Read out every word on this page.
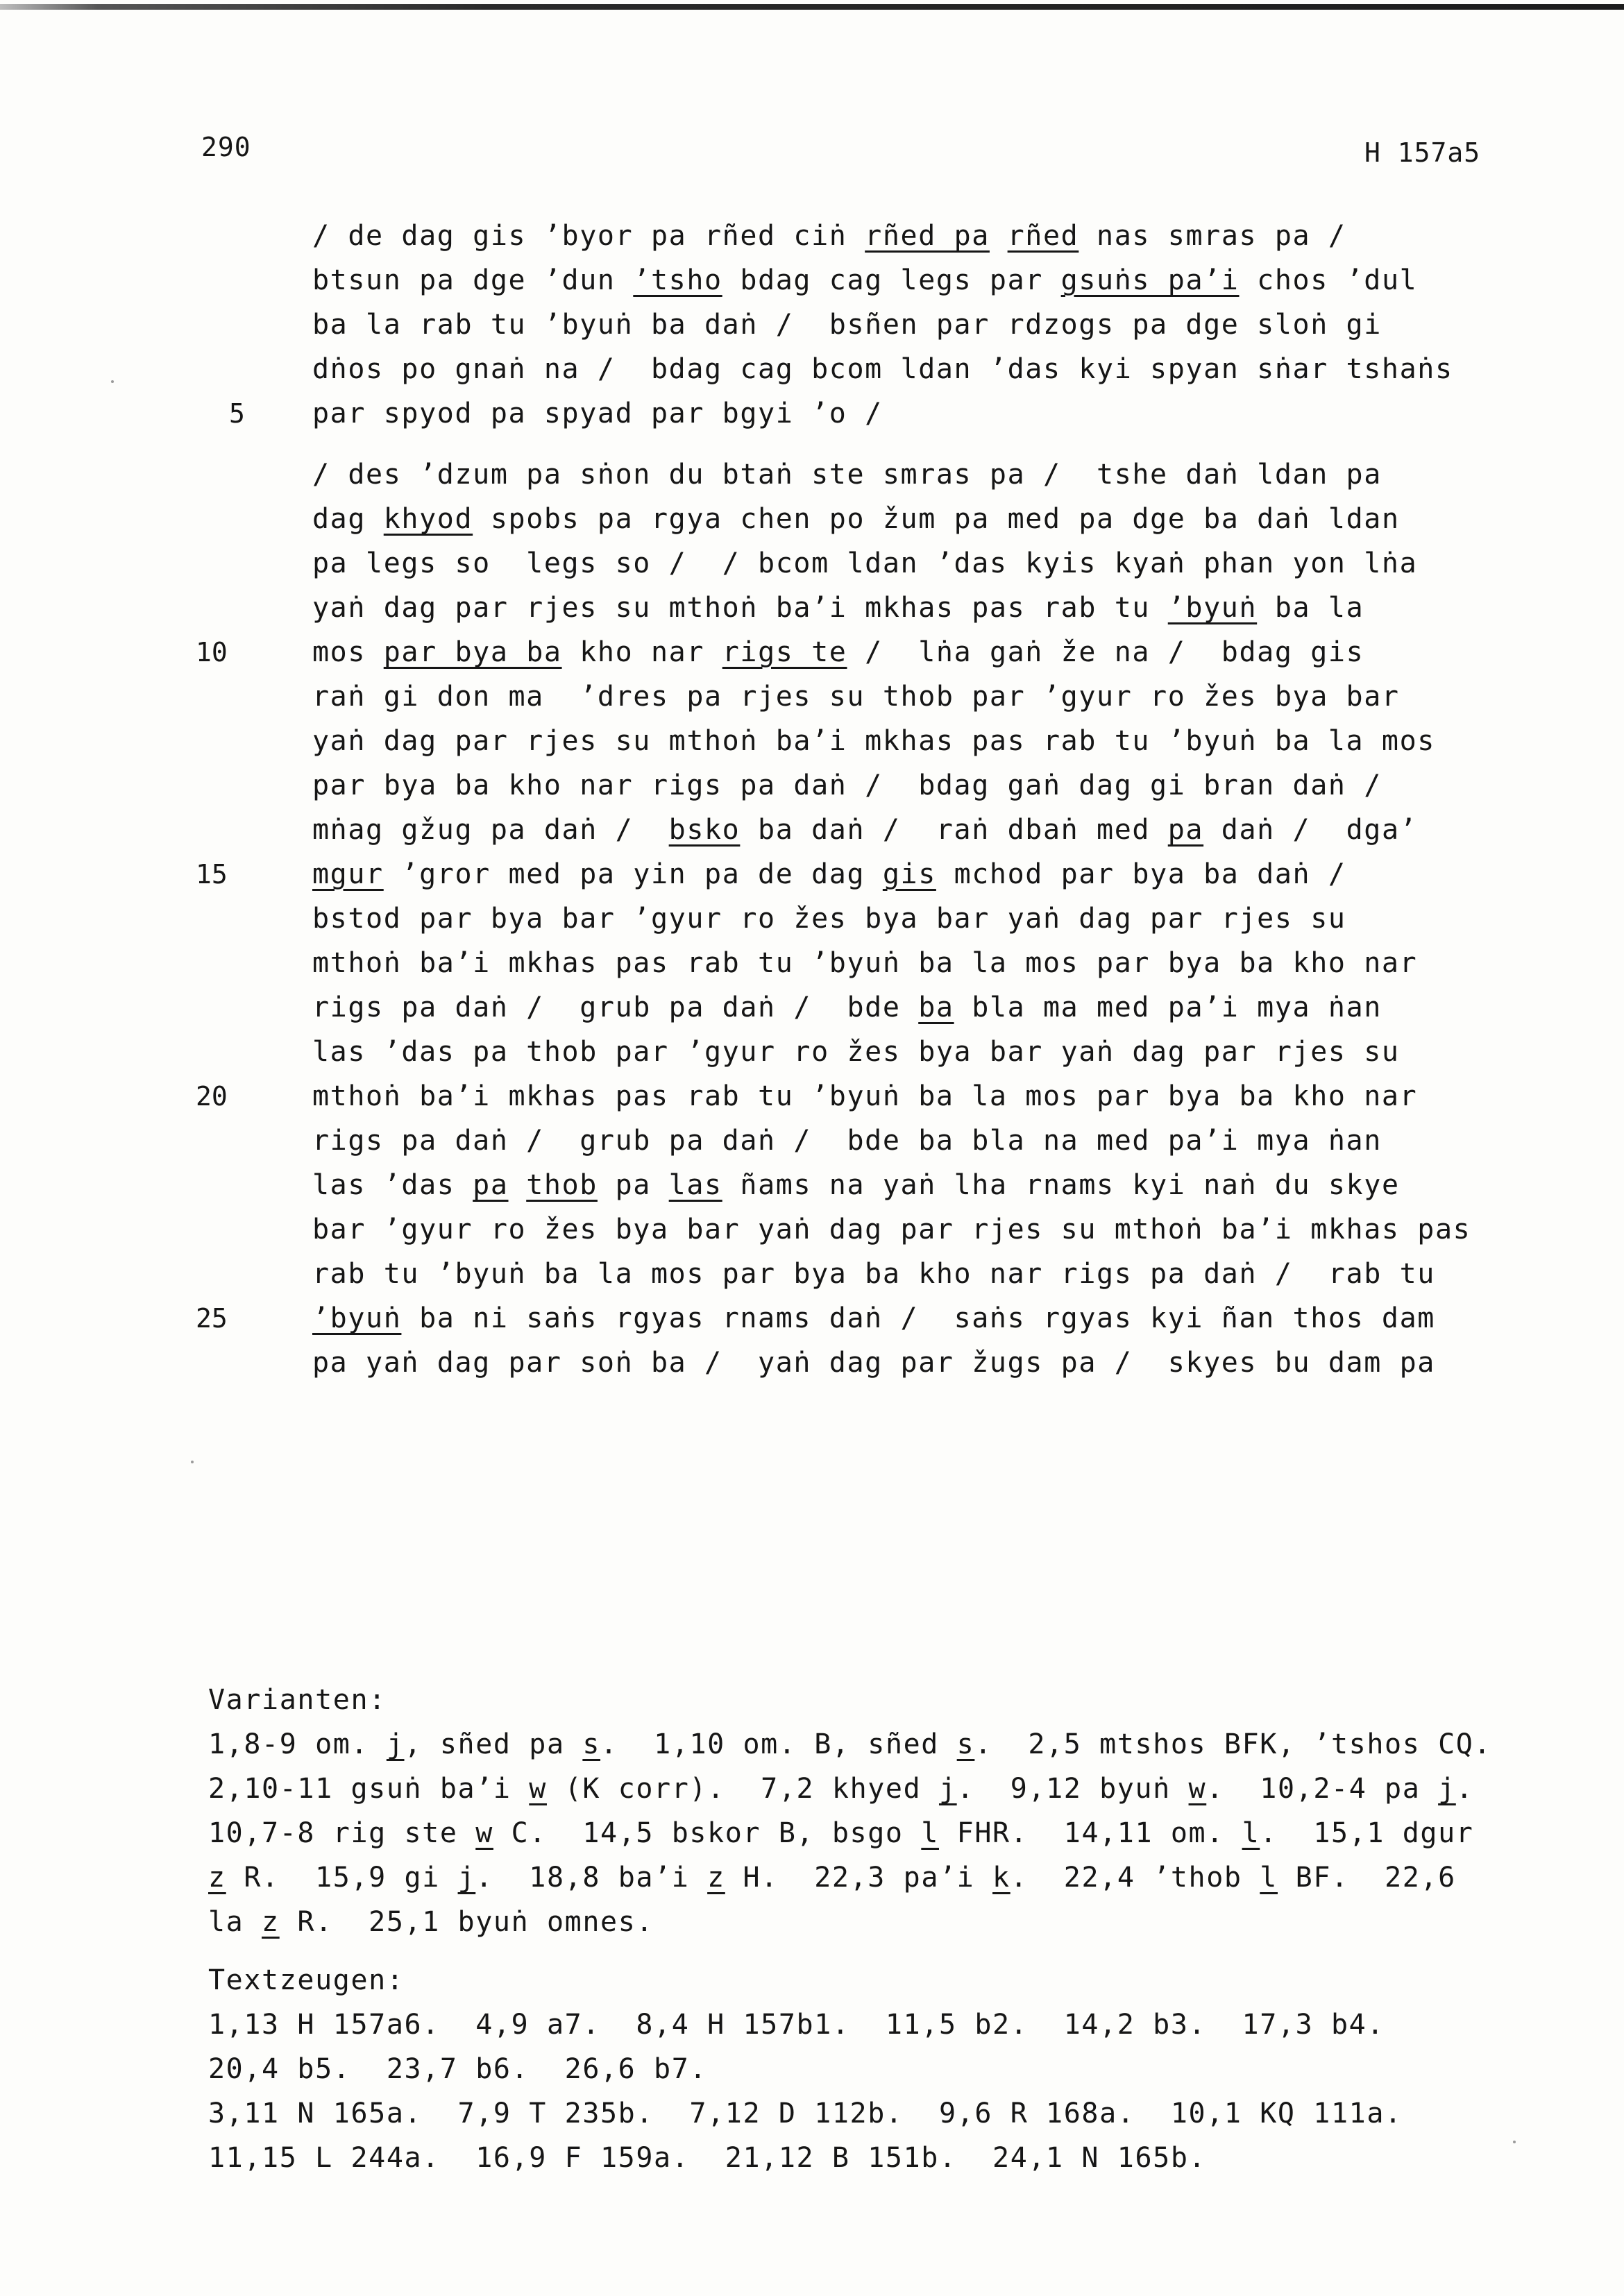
290	H 157a5
/ de dag gis ’byor pa rñed ciṅ rñed pa rñed nas smras pa /
btsun pa dge ’dun ’tsho bdag cag legs par gsuṅs pa’i chos ’dul
ba la rab tu ’byuṅ ba daṅ /  bsñen par rdzogs pa dge sloṅ gi
dṅos po gnaṅ na /  bdag cag bcom ldan ’das kyi spyan sṅar tshaṅs
par spyod pa spyad par bgyi ’o /
/ des ’dzum pa sṅon du btaṅ ste smras pa /  tshe daṅ ldan pa
dag khyod spobs pa rgya chen po žum pa med pa dge ba daṅ ldan
pa legs so  legs so /  / bcom ldan ’das kyis kyaṅ phan yon lṅa
yaṅ dag par rjes su mthoṅ ba’i mkhas pas rab tu ’byuṅ ba la
mos par bya ba kho nar rigs te /  lṅa gaṅ že na /  bdag gis
raṅ gi don ma  ’dres pa rjes su thob par ’gyur ro žes bya bar
yaṅ dag par rjes su mthoṅ ba’i mkhas pas rab tu ’byuṅ ba la mos
par bya ba kho nar rigs pa daṅ /  bdag gaṅ dag gi bran daṅ /
mṅag gžug pa daṅ /  bsko ba daṅ /  raṅ dbaṅ med pa daṅ /  dga’
mgur ’gror med pa yin pa de dag gis mchod par bya ba daṅ /
bstod par bya bar ’gyur ro žes bya bar yaṅ dag par rjes su
mthoṅ ba’i mkhas pas rab tu ’byuṅ ba la mos par bya ba kho nar
rigs pa daṅ /  grub pa daṅ /  bde ba bla ma med pa’i mya ṅan
las ’das pa thob par ’gyur ro žes bya bar yaṅ dag par rjes su
mthoṅ ba’i mkhas pas rab tu ’byuṅ ba la mos par bya ba kho nar
rigs pa daṅ /  grub pa daṅ /  bde ba bla na med pa’i mya ṅan
las ’das pa thob pa las ñams na yaṅ lha rnams kyi naṅ du skye
bar ’gyur ro žes bya bar yaṅ dag par rjes su mthoṅ ba’i mkhas pas
rab tu ’byuṅ ba la mos par bya ba kho nar rigs pa daṅ /  rab tu
’byuṅ ba ni saṅs rgyas rnams daṅ /  saṅs rgyas kyi ñan thos dam
pa yaṅ dag par soṅ ba /  yaṅ dag par žugs pa /  skyes bu dam pa
5
10
15
20
25
Varianten:
1,8-9 om. j, sñed pa s.  1,10 om. B, sñed s.  2,5 mtshos BFK, ’tshos CQ.
2,10-11 gsuṅ ba’i w (K corr).  7,2 khyed j.  9,12 byuṅ w.  10,2-4 pa j.
10,7-8 rig ste w C.  14,5 bskor B, bsgo l FHR.  14,11 om. l.  15,1 dgur
z R.  15,9 gi j.  18,8 ba’i z H.  22,3 pa’i k.  22,4 ’thob l BF.  22,6
la z R.  25,1 byuṅ omnes.
Textzeugen:
1,13 H 157a6.  4,9 a7.  8,4 H 157b1.  11,5 b2.  14,2 b3.  17,3 b4.
20,4 b5.  23,7 b6.  26,6 b7.
3,11 N 165a.  7,9 T 235b.  7,12 D 112b.  9,6 R 168a.  10,1 KQ 111a.
11,15 L 244a.  16,9 F 159a.  21,12 B 151b.  24,1 N 165b.
